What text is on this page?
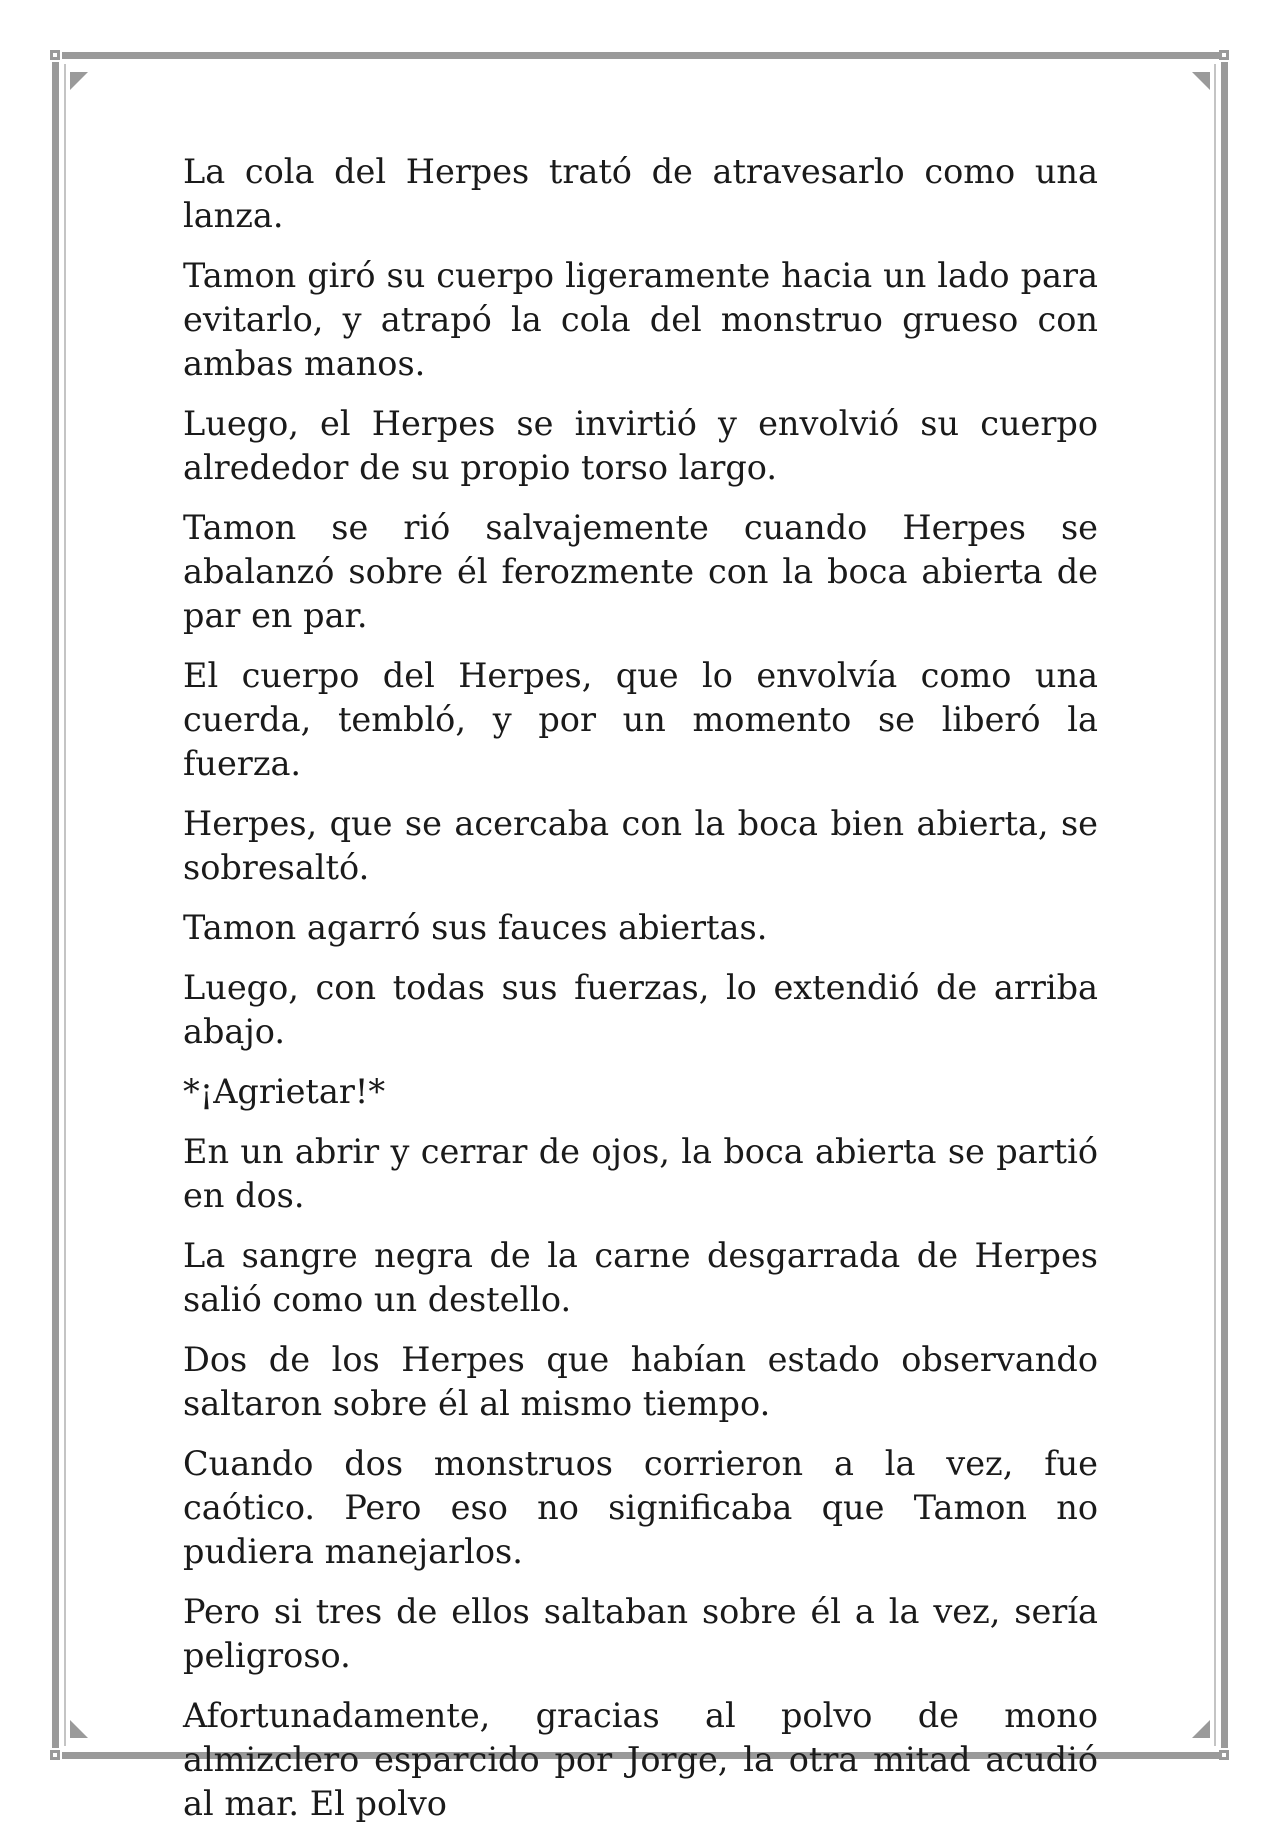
La cola del Herpes trató de atravesarlo como una lanza.

Tamon giró su cuerpo ligeramente hacia un lado para evitarlo, y atrapó la cola del monstruo grueso con ambas manos.

Luego, el Herpes se invirtió y envolvió su cuerpo alrededor de su propio torso largo.

Tamon se rió salvajemente cuando Herpes se abalanzó sobre él ferozmente con la boca abierta de par en par.

El cuerpo del Herpes, que lo envolvía como una cuerda, tembló, y por un momento se liberó la fuerza.

Herpes, que se acercaba con la boca bien abierta, se sobresaltó.

Tamon agarró sus fauces abiertas.

Luego, con todas sus fuerzas, lo extendió de arriba abajo.

*¡Agrietar!*

En un abrir y cerrar de ojos, la boca abierta se partió en dos.

La sangre negra de la carne desgarrada de Herpes salió como un destello.

Dos de los Herpes que habían estado observando saltaron sobre él al mismo tiempo.

Cuando dos monstruos corrieron a la vez, fue caótico. Pero eso no significaba que Tamon no pudiera manejarlos.

Pero si tres de ellos saltaban sobre él a la vez, sería peligroso.

Afortunadamente, gracias al polvo de mono almizclero esparcido por Jorge, la otra mitad acudió al mar. El polvo
